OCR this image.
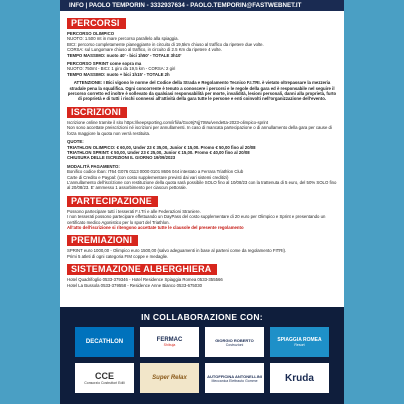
INFO | PAOLO TEMPORIN - 3332937634 - PAOLO.TEMPORIN@FASTWEBNET.IT
PERCORSI

PERCORSO OLIMPICO

NUOTO: 1.500 mt in mare percorso parallelo alla spiaggia.

BICI: percorso completamente pianeggiante in circuito di 19,5km chiuso al traffico da ripetere due volte.

CORSA: sul Lungomare chiuso al traffico, in circuito di 2.5 Km da ripetere 4 volte.

TEMPO MASSIMO: nuoto 40' - bici 1h50' - TOTALE 3h10'

PERCORSO SPRINT come sopra ma

NUOTO: 750mt - BICI: 1 giro da 19,5 km - CORSA: 2 giri

TEMPO MASSIMO: nuoto + bici 1h15' - TOTALE 2h

ATTENZIONE: I Bici vigono le norme del Codice della Strada e Regolamento Tecnico F.I.TRI. è vietato oltrepassare la mezzeria stradale pena la squalifica. Ogni concorrente è tenuto a conoscere i percorsi e le regole della gara ed è responsabile nel seguire il percorso corretto ed inoltre è sollevato da qualsiasi responsabilità per morte, invalidità, lesioni personali, danni alla proprietà, furto di proprietà e di tutti i rischi connessi all'attività della gara tutte le persone e enti coinvolti nell'organizzazione dell'evento.

ISCRIZIONI

Iscrizione online tramite il sito https://keepsporting.com/irfii/a/Gxo9j7sjj7tWu/vendetta-2023-olimpico-sprint

Non sono accettate preiscrizioni né iscrizioni per annullamenti. In caso di mancata partecipazione o di annullamento della gara per cause di forza maggiore la quota non verrà restituita.

QUOTE:

TRIATHLON OLIMPICO: € 60,00, Under 23 € 35,00, Junior € 15,00. Promo € 50,00 fino al 20/08

TRIATHLON SPRINT: € 50,00, Under 23 € 25,00, Junior € 15,00. Promo € 40,00 fino al 20/08

CHIUSURA DELLE ISCRIZIONI IL GIORNO 19/09/2023

MODALITÀ PAGAMENTO:

Bonifico codice Iban: IT64 G076 0113 0000 0101 8606 044 intestato a Ferrara Triathlon Club

Carte di Credito e Paypal: (con costo supplementare previsti dai vari sistemi creditizi)

L'annullamento dell'iscrizione con restituzione della quota sarà possibile SOLO fino al 10/08/23 con la trattenuta di 5 euro, del 50% SOLO fino al 20/08/23. E' ammesso 1 assorbimento per ciascun pettorale.

PARTECIPAZIONE

Possono partecipare tutti i tesserati F.I.Tri e alle Federazioni Straniere.

I non tesserati possono partecipare effettuando un DayPass del costo supplementare di 20 euro per Olimpico e Sprint e presentando un certificato medico Agonistico per lo sport del Triathlon.

All'atto dell'iscrizione si ritengono accettate tutte le clausole del presente regolamento

PREMIAZIONI

SPRINT euro 1000,00 - Olimpico euro 1500,00 (salvo adeguamenti in base al parteni come da regolamento FITRI).

Primi 5 atleti di ogni categoria FIM coppe e medaglie.

SISTEMAZIONE ALBERGHIERA

Hotel Quadrifoglio 0533-379346 - Hotel Residence Spiaggia Romea 0533-355566

Hotel La Bussola 0533-379558 - Residence Anne Bianco 0533-675030

IN COLLABORAZIONE CON:
DECATHLON	FERMAC
Shibuja
GIORGIO ROBERTO
Costruzioni
SPIAGGIA ROMEA
Resort
CCE
Consorzio Costruttori Edili
Super Relax	AUTOFFICINA ANTONELLINI
Meccanica Elettrauto Gomme	Kruda
